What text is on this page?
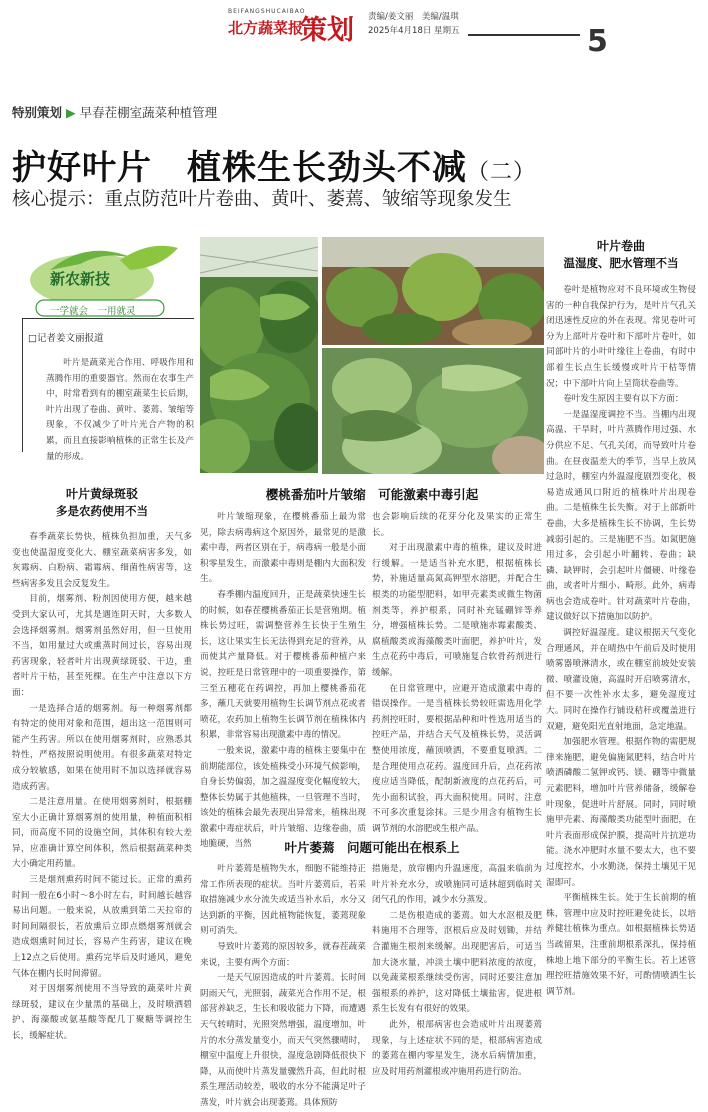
BEIFANGSHUCAIBAO
北方蔬菜报
策划 责编/姜文丽　美编/温琪
2025年4月18日 星期五	5
特别策划 ▶ 早春茬棚室蔬菜种植管理
护好叶片　植株生长劲头不减（二）
核心提示：重点防范叶片卷曲、黄叶、萎蔫、皱缩等现象发生
新农新技
一学就会　一用就灵
□记者姜文丽报道

叶片是蔬菜光合作用、呼吸作用和蒸腾作用的重要器官。然而在农事生产中，时常看到有的棚室蔬菜生长后期，叶片出现了卷曲、黄叶、萎蔫、皱缩等现象，不仅减少了叶片光合产物的积累，而且直接影响植株的正常生长及产量的形成。

叶片黄绿斑驳
多是农药使用不当

春季蔬菜长势快，植株负担加重，天气多变也使温湿度变化大、棚室蔬菜病害多发，如灰霉病、白粉病、霜霉病、细菌性病害等，这些病害多发且会反复发生。

目前，烟雾剂、粉剂因使用方便，越来越受到大家认可，尤其是遇连阴天时，大多数人会选择烟雾剂。烟雾剂虽然好用，但一旦使用不当，如用量过大或熏蒸时间过长，容易出现药害现象，轻者叶片出现黄绿斑驳、干边，重者叶片干枯，甚至死棵。在生产中注意以下方面：

一是选择合适的烟雾剂。每一种烟雾剂都有特定的使用对象和范围，超出这一范围则可能产生药害。所以在使用烟雾剂时，应熟悉其特性，严格按照说明使用。有很多蔬菜对特定成分较敏感，如果在使用时不加以选择就容易造成药害。

二是注意用量。在使用烟雾剂时，根据棚室大小正确计算烟雾剂的使用量，种植面积相同，而高度不同的设施空间，其体积有较大差异，应准确计算空间体积，然后根据蔬菜种类大小确定用药量。

三是烟剂熏药时间不能过长。正常的熏药时间一般在6小时～8小时左右，时间越长越容易出问题。一般来说，从放熏到第二天拉帘的时间间隔很长，若放熏后立即点燃烟雾剂就会造成烟熏时间过长，容易产生药害，建议在晚上12点之后使用。熏药完毕后及时通风，避免气体在棚内长时间滞留。

对于因烟雾剂使用不当导致的蔬菜叶片黄绿斑驳，建议在少量黑的基础上，及时喷洒碧护、海藻酸或氨基酸等配几丁聚糖等调控生长，缓解症状。

樱桃番茄叶片皱缩　可能激素中毒引起

叶片皱缩现象，在樱桃番茄上最为常见，除去病毒病这个原因外，最常见的是激素中毒，两者区别在于，病毒病一般是小面积零星发生，而激素中毒则是棚内大面积发生。

春季棚内温度回升，正是蔬菜快速生长的时候，如春茬樱桃番茄正长是营殖期。植株长势过旺，需调整营养生长快于生殖生长，这让果实生长无法得到充足的营养，从而使其产量降低。对于樱桃番茄种植户来说，控旺是日常管理中的一项重要操作，第三至五穗花在药调控，再加上樱桃番茄花多，蘸几天就要用植物生长调节剂点花或者喷花，农药加上植物生长调节剂在植株体内积累，非常容易出现激素中毒的情况。

一般来说，激素中毒的植株主要集中在前期能部位，该处植株受小环境气候影响，自身长势偏弱，加之温湿度变化幅度较大，整体长势属于其他植株，一旦管理不当时，该处的植株会最先表现出异常来，植株出现激素中毒症状后，叶片皱缩、边缘卷曲，质地脆硬，当然

也会影响后续的花芽分化及果实的正常生长。

对于出现激素中毒的植株，建议及时进行缓解。一是适当补充水肥，根据植株长势，补施适量高氮高钾型水溶肥，并配合生根类的功能型肥料，如甲壳素类或微生物菌剂类等，养护根系，同时补充锰硼锌等养分，增强植株长势。二是喷施赤霉素酸类、腐植酸类或海藻酸类叶面肥，养护叶片，发生点花药中毒后，可喷施复合软骨药剂进行缓解。

在日常管理中，应避开造成激素中毒的错误操作。一是当植株长势较旺需选用化学药剂控旺时，要根据品种和叶性选用适当的控旺产品，并结合天气及植株长势，灵活调整使用浓度，蘸顶喷洒，不要重复喷洒。二是合理使用点花药。温度回升后，点花药浓度应适当降低，配制新液度的点花药后，可先小面积试验，再大面积使用。同时，注意不可多次重复涂抹。三是少用含有植物生长调节剂的水溶肥或生根产品。

叶片萎蔫　问题可能出在根系上

叶片萎蔫是植物失水，细胞不能维持正常工作所表现的症状。当叶片萎蔫后，若采取措施减少水分流失或适当补水后，水分又达到新的平衡，因此植物能恢复，萎蔫现象则可消失。

导致叶片萎蔫的原因较多，就春茬蔬菜来说，主要有两个方面：

一是天气原因造成的叶片萎蔫。长时间阴雨天气，光照弱，蔬菜光合作用不足，根部营养缺乏，生长和吸收能力下降，而遭遇天气转晴时，光照突然增强，温度增加，叶片的水分蒸发量变小，而天气突然骤晴时，棚室中温度上升很快，湿度急剧降低很快下降，从而使叶片蒸发量骤然升高，但此时根系生理活动较差，吸收的水分不能满足叶子蒸发，叶片就会出现萎蔫。具体预防

措施是，放帘棚内升温速度，高温来临前为叶片补充水分，或喷施同可适林超到临时关闭气孔的作用，减少水分蒸发。

二是伤根造成的萎蔫。如大水沤根及肥料施用不合理等，沤根后应及时划锄，并结合灌施生根剂来缓解。出现肥害后，可适当加大浇水量，冲淡土壤中肥料浓度的浓度，以免蔬菜根系继续受伤害，同时还要注意加强根系的养护，这对降低土壤盐害，促进根系生长发有有很好的效果。

此外，根部病害也会造成叶片出现萎蔫现象，与上述症状不同的是，根部病害造成的萎蔫在棚内零星发生，浇水后病情加重，应及时用药剂灌根或冲施用药进行防治。

叶片卷曲
温湿度、肥水管理不当

卷叶是植物应对不良环境或生物侵害的一种自我保护行为，是叶片气孔关闭迅速性反应的外在表现。常见卷叶可分为上部叶片卷叶和下部叶片卷叶，如同部叶片的小叶叶缘往上卷曲，有时中部着生长点生长缓慢或叶片干枯等情况；中下部叶片向上呈筒状卷曲等。

卷叶发生原因主要有以下方面：

一是温湿度调控不当。当棚内出现高温、干旱时，叶片蒸腾作用过强、水分供应不足、气孔关闭，而导致叶片卷曲。在昼夜温差大的季节，当早上放风过急时，棚室内外温湿度剧烈变化，极易造成通风口附近的植株叶片出现卷曲。二是植株生长失衡。对于上部新叶卷曲，大多是植株生长不协调，生长势减弱引起的。三是施肥不当。如氮肥施用过多，会引起小叶翻转、卷曲；缺磷、缺钾时，会引起叶片僵硬、叶缘卷曲，或者叶片细小、畸形。此外，病毒病也会造成卷叶。针对蔬菜叶片卷曲，建议做好以下措施加以防护。

调控好温湿度。建议根据天气变化合理通风，并在晴热中午前后及时使用喷雾器喷淋清水，或在棚室前坡处安装微、喷灌设施，高温时开启喷雾清水，但不要一次性补水太多，避免湿度过大。同时在操作行铺设秸秆或覆盖进行双避，避免阳光直射地面，急定地温。

加强肥水管理。根据作物的需肥规律来施肥，避免偏施氮肥料，结合叶片喷洒磷酸二氢钾或钙、镁、硼等中微量元素肥料，增加叶片营养储备，缓解卷叶现象，促进叶片舒展。同时，同时喷施甲壳素、海藻酸类功能型叶面肥，在叶片表面形成保护膜，提高叶片抗逆功能。浇水冲肥时水量不要太大，也不要过度控水，小水勤浇，保持土壤见干见湿即可。

平衡植株生长。处于生长前期的植株，管理中应及时控旺避免徒长，以培养健壮植株为重点。如根据植株长势适当疏留果，注重前期根系深扎，保持植株地上地下部分的平衡生长。若上述管理控旺措施效果不好，可酌情喷洒生长调节剂。
